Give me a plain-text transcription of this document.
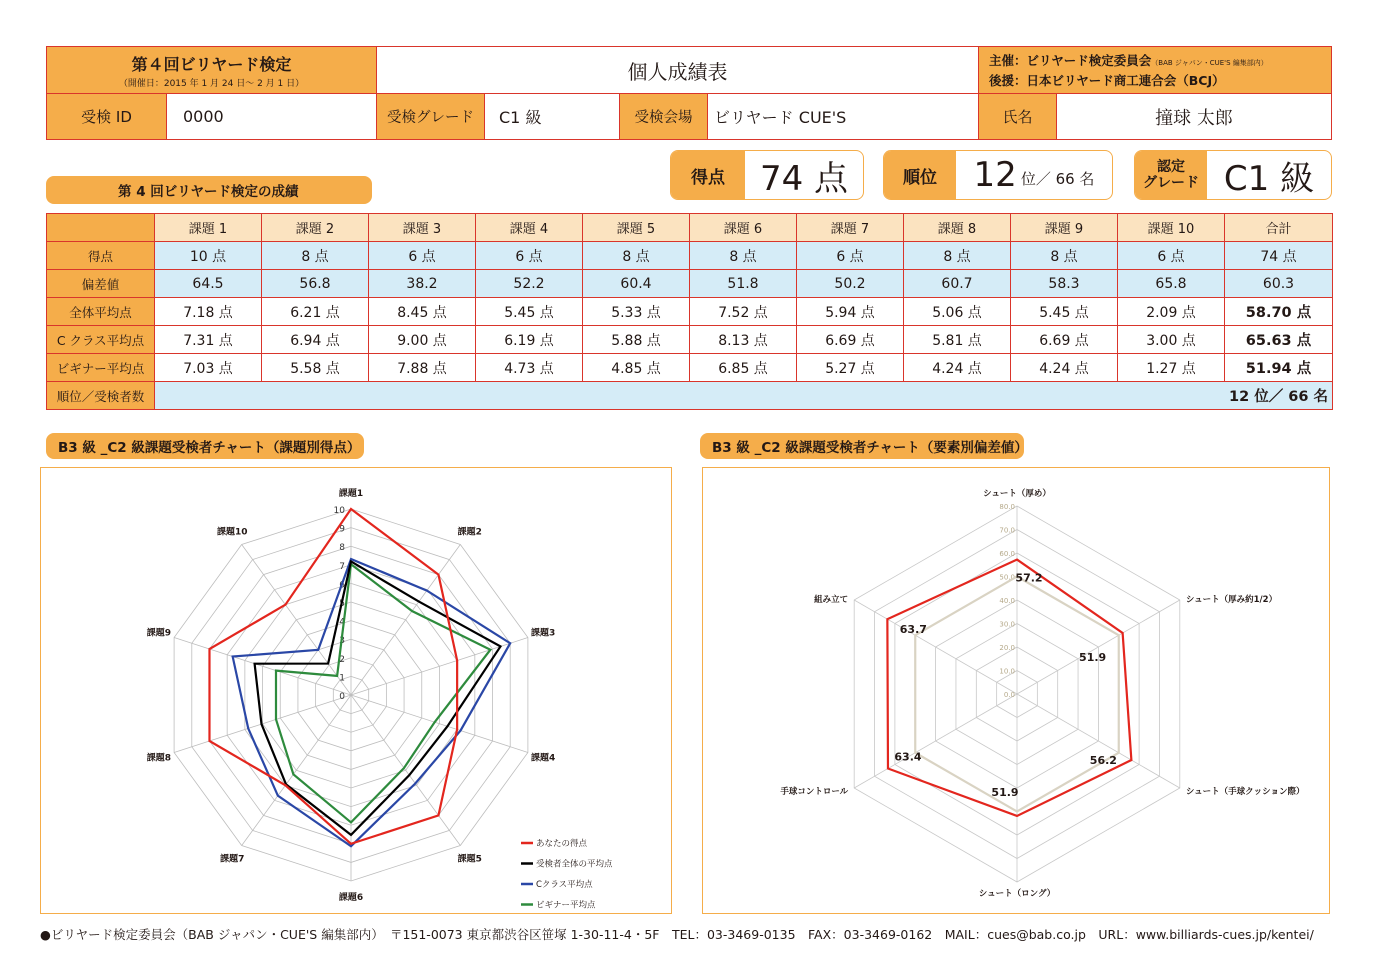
第４回ビリヤード検定
（開催日：2015 年 1 月 24 日〜 2 月 1 日）	個人成績表	主催：ビリヤード検定委員会（BAB ジャパン・CUE'S 編集部内）
後援：日本ビリヤード商工連合会（BCJ）
受検 ID	0000	受検グレード C1 級	受検会場 ビリヤード CUE'S	氏名	撞球 太郎
第 4 回ビリヤード検定の成績
得点	74 点	順位	12 位／ 66 名
認定
グレード C1 級
	課題 1	課題 2	課題 3	課題 4	課題 5	課題 6	課題 7	課題 8	課題 9	課題 10	合計
得点	10 点	8 点	6 点	6 点	8 点	8 点	6 点	8 点	8 点	6 点	74 点
偏差値	64.5	56.8	38.2	52.2	60.4	51.8	50.2	60.7	58.3	65.8	60.3
全体平均点	7.18 点	6.21 点	8.45 点	5.45 点	5.33 点	7.52 点	5.94 点	5.06 点	5.45 点	2.09 点	58.70 点
C クラス平均点	7.31 点	6.94 点	9.00 点	6.19 点	5.88 点	8.13 点	6.69 点	5.81 点	6.69 点	3.00 点	65.63 点
ビギナー平均点	7.03 点	5.58 点	7.88 点	4.73 点	4.85 点	6.85 点	5.27 点	4.24 点	4.24 点	1.27 点	51.94 点
順位／受検者数	12 位／ 66 名										
B3 級 _C2 級課題受検者チャート（課題別得点）	B3 級 _C2 級課題受検者チャート（要素別偏差値）
0
1
2
3
4
5
6
7
8
9
10
課題1
課題2
課題3
課題4
課題5
課題6
課題7
課題8
課題9
課題10
あなたの得点
受検者全体の平均点
Cクラス平均点
ビギナー平均点
0.0
10.0
20.0
30.0
40.0
50.0
60.0
70.0
80.0
シュート（厚め）
シュート（厚み約1/2）
シュート（手球クッション際）
シュート（ロング）
手球コントロール
組み立て
57.2
51.9
56.2
51.9
63.4
63.7
●ビリヤード検定委員会（BAB ジャパン・CUE'S 編集部内）　〒151-0073 東京都渋谷区笹塚 1-30-11-4・5F　TEL：03-3469-0135　FAX：03-3469-0162　MAIL：cues@bab.co.jp　URL：www.billiards-cues.jp/kentei/
